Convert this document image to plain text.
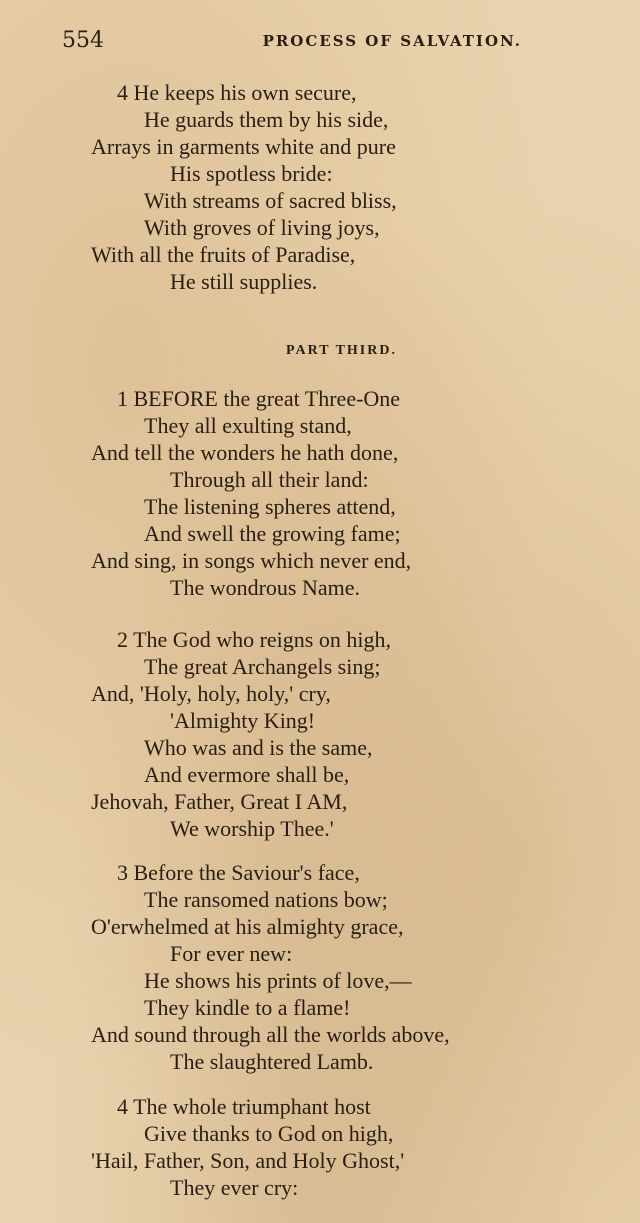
554	PROCESS OF SALVATION.
4 He keeps his own secure,
He guards them by his side,
Arrays in garments white and pure
His spotless bride:
With streams of sacred bliss,
With groves of living joys,
With all the fruits of Paradise,
He still supplies.
PART THIRD.
1 BEFORE the great Three-One
They all exulting stand,
And tell the wonders he hath done,
Through all their land:
The listening spheres attend,
And swell the growing fame;
And sing, in songs which never end,
The wondrous Name.
2 The God who reigns on high,
The great Archangels sing;
And, 'Holy, holy, holy,' cry,
'Almighty King!
Who was and is the same,
And evermore shall be,
Jehovah, Father, Great I AM,
We worship Thee.'
3 Before the Saviour's face,
The ransomed nations bow;
O'erwhelmed at his almighty grace,
For ever new:
He shows his prints of love,—
They kindle to a flame!
And sound through all the worlds above,
The slaughtered Lamb.
4 The whole triumphant host
Give thanks to God on high,
'Hail, Father, Son, and Holy Ghost,'
They ever cry:
